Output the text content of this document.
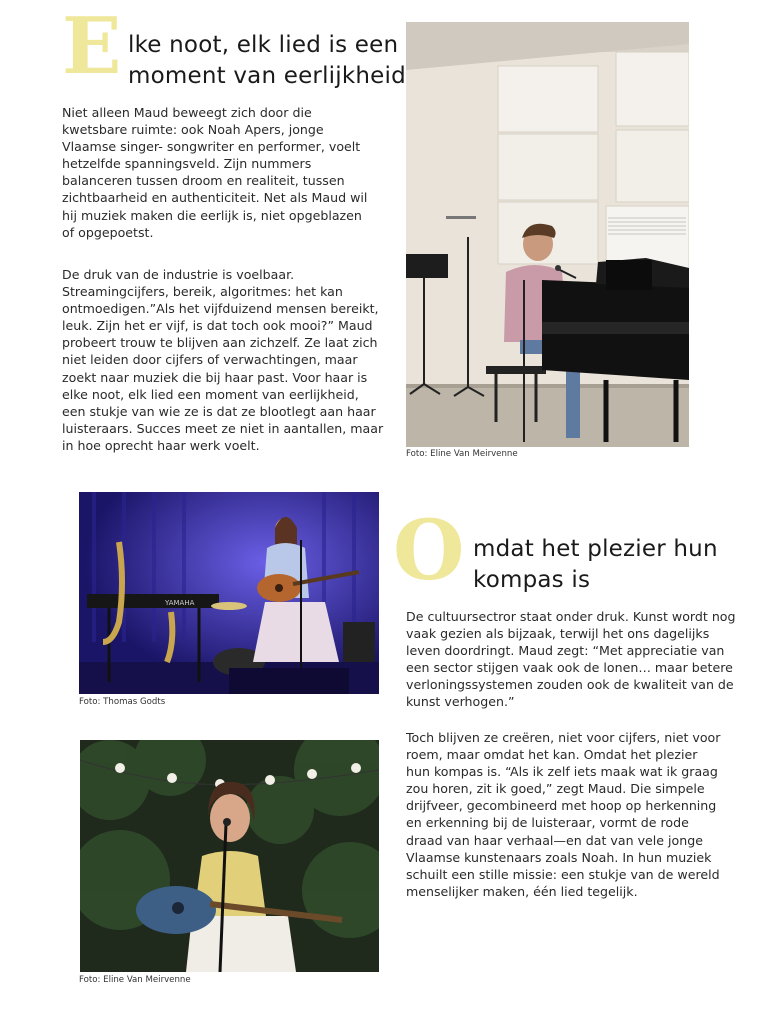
E lke noot, elk lied is een
moment van eerlijkheid
Niet alleen Maud beweegt zich door die
kwetsbare ruimte: ook Noah Apers, jonge
Vlaamse singer- songwriter en performer, voelt
hetzelfde spanningsveld. Zijn nummers
balanceren tussen droom en realiteit, tussen
zichtbaarheid en authenticiteit. Net als Maud wil
hij muziek maken die eerlijk is, niet opgeblazen
of opgepoetst.
De druk van de industrie is voelbaar.
Streamingcijfers, bereik, algoritmes: het kan
ontmoedigen.”Als het vijfduizend mensen bereikt,
leuk. Zijn het er vijf, is dat toch ook mooi?” Maud
probeert trouw te blijven aan zichzelf. Ze laat zich
niet leiden door cijfers of verwachtingen, maar
zoekt naar muziek die bij haar past. Voor haar is
elke noot, elk lied een moment van eerlijkheid,
een stukje van wie ze is dat ze blootlegt aan haar
luisteraars. Succes meet ze niet in aantallen, maar
in hoe oprecht haar werk voelt.
Foto: Eline Van Meirvenne
YAMAHA
Foto: Thomas Godts
Foto: Eline Van Meirvenne
O mdat het plezier hun
kompas is
De cultuursectror staat onder druk. Kunst wordt nog
vaak gezien als bijzaak, terwijl het ons dagelijks
leven doordringt. Maud zegt: “Met appreciatie van
een sector stijgen vaak ook de lonen… maar betere
verloningssystemen zouden ook de kwaliteit van de
kunst verhogen.”
Toch blijven ze creëren, niet voor cijfers, niet voor
roem, maar omdat het kan. Omdat het plezier
hun kompas is. “Als ik zelf iets maak wat ik graag
zou horen, zit ik goed,” zegt Maud. Die simpele
drijfveer, gecombineerd met hoop op herkenning
en erkenning bij de luisteraar, vormt de rode
draad van haar verhaal—en dat van vele jonge
Vlaamse kunstenaars zoals Noah. In hun muziek
schuilt een stille missie: een stukje van de wereld
menselijker maken, één lied tegelijk.
